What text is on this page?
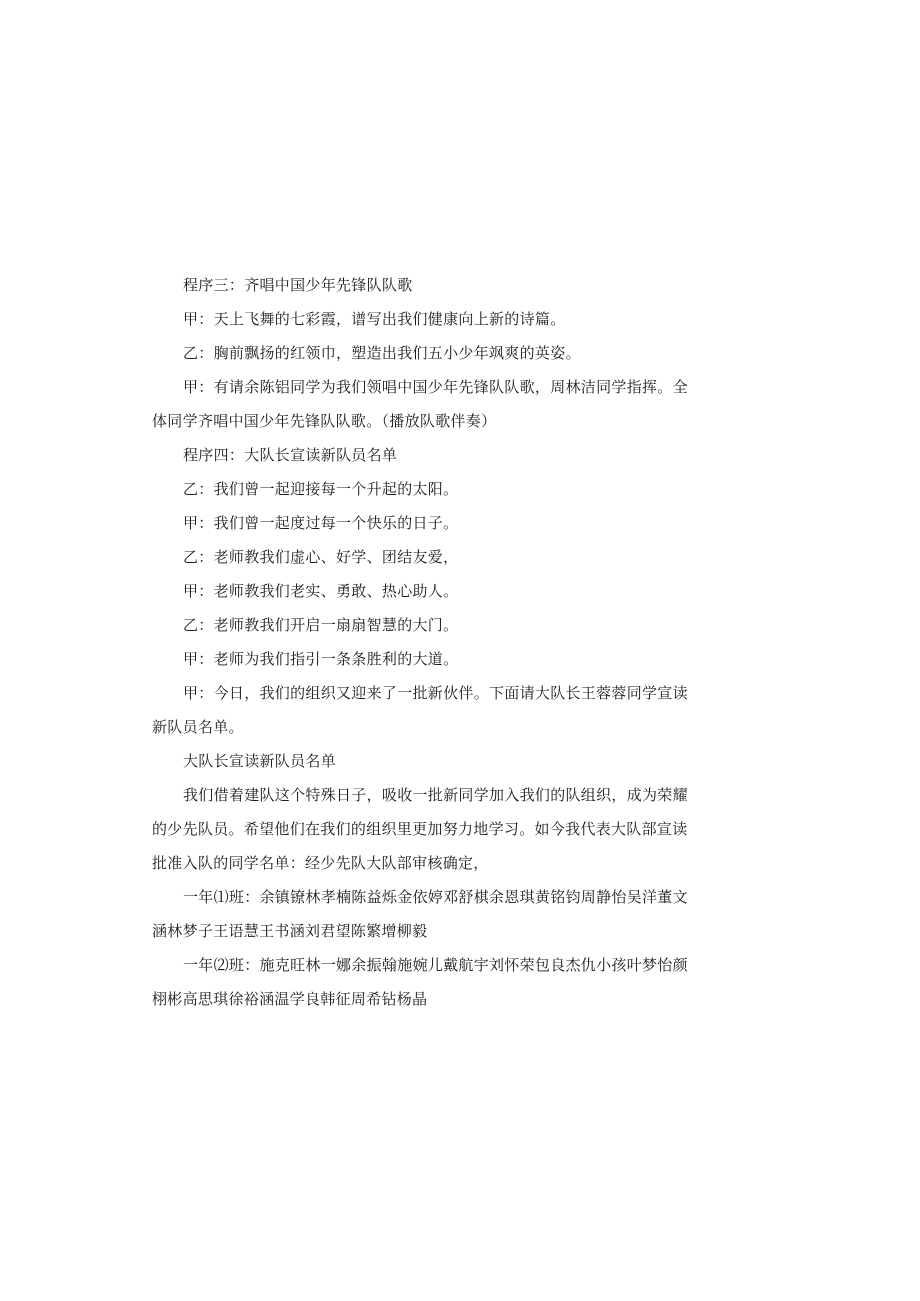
程序三：齐唱中国少年先锋队队歌

甲：天上飞舞的七彩霞，谱写出我们健康向上新的诗篇。

乙：胸前飘扬的红领巾，塑造出我们五小少年飒爽的英姿。

甲：有请余陈铝同学为我们领唱中国少年先锋队队歌，周林洁同学指挥。全体同学齐唱中国少年先锋队队歌。（播放队歌伴奏）

程序四：大队长宣读新队员名单

乙：我们曾一起迎接每一个升起的太阳。

甲：我们曾一起度过每一个快乐的日子。

乙：老师教我们虚心、好学、团结友爱，

甲：老师教我们老实、勇敢、热心助人。

乙：老师教我们开启一扇扇智慧的大门。

甲：老师为我们指引一条条胜利的大道。

甲：今日，我们的组织又迎来了一批新伙伴。下面请大队长王蓉蓉同学宣读新队员名单。

大队长宣读新队员名单

我们借着建队这个特殊日子，吸收一批新同学加入我们的队组织，成为荣耀的少先队员。希望他们在我们的组织里更加努力地学习。如今我代表大队部宣读批准入队的同学名单：经少先队大队部审核确定，

一年⑴班：余镇镣林孝楠陈益烁金依婷邓舒棋余恩琪黄铭钧周静怡吴洋董文涵林梦子王语慧王书涵刘君望陈繁增柳毅

一年⑵班：施克旺林一娜余振翰施婉儿戴航宇刘怀荣包良杰仇小孩叶梦怡颜栩彬高思琪徐裕涵温学良韩征周希钻杨晶
